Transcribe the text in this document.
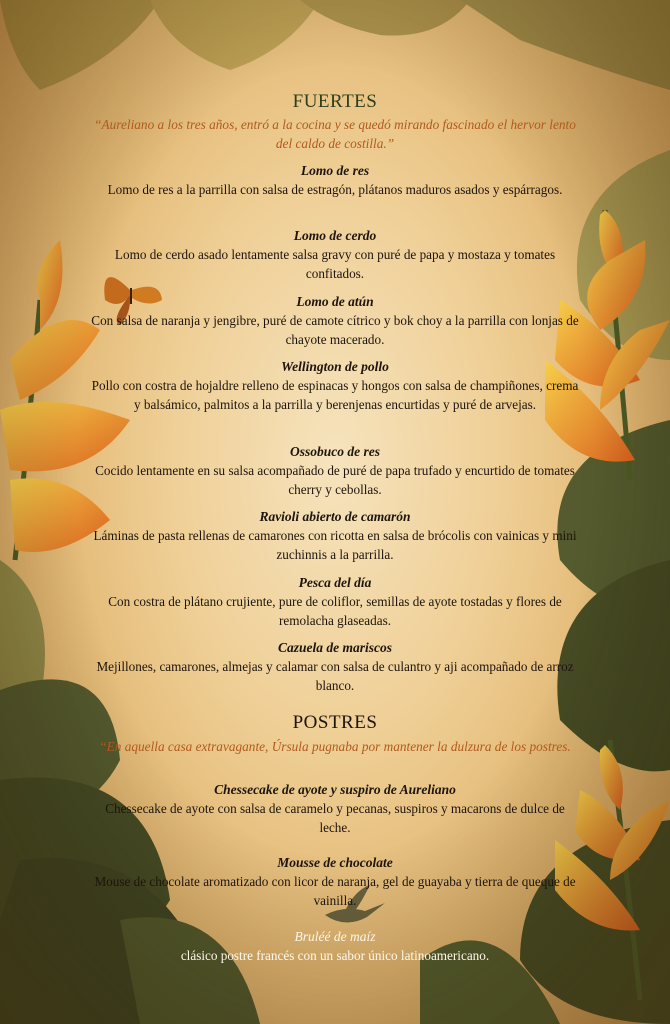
FUERTES
“Aureliano a los tres años, entró a la cocina y se quedó mirando fascinado el hervor lento del caldo de costilla.”
Lomo de res
Lomo de res a la parrilla con salsa de estragón, plátanos maduros asados y espárragos.
Lomo de cerdo
Lomo de cerdo asado lentamente salsa gravy con puré de papa y mostaza y tomates confitados.
Lomo de atún
Con salsa de naranja y jengibre, puré de camote cítrico y bok choy a la parrilla con lonjas de chayote macerado.
Wellington de pollo
Pollo con costra de hojaldre relleno de espinacas y hongos con salsa de champiñones, crema y balsámico, palmitos a la parrilla y berenjenas encurtidas y puré de arvejas.
Ossobuco de res
Cocido lentamente en su salsa acompañado de puré de papa trufado y encurtido de tomates cherry y cebollas.
Ravioli abierto de camarón
Láminas de pasta rellenas de camarones con ricotta en salsa de brócolis con vainicas y mini zuchinnis a la parrilla.
Pesca del día
Con costra de plátano crujiente, pure de coliflor, semillas de ayote tostadas y flores de remolacha glaseadas.
Cazuela de mariscos
Mejillones, camarones, almejas y calamar con salsa de culantro y aji acompañado de arroz blanco.
POSTRES
“En aquella casa extravagante, Úrsula pugnaba por mantener la dulzura de los postres.
Chessecake de ayote y suspiro de Aureliano
Chessecake de ayote con salsa de caramelo y pecanas, suspiros y macarons de dulce de leche.
Mousse de chocolate
Mouse de chocolate aromatizado con licor de naranja, gel de guayaba y tierra de queque de vainilla.
Bruléé de maíz
clásico postre francés con un sabor único latinoamericano.
